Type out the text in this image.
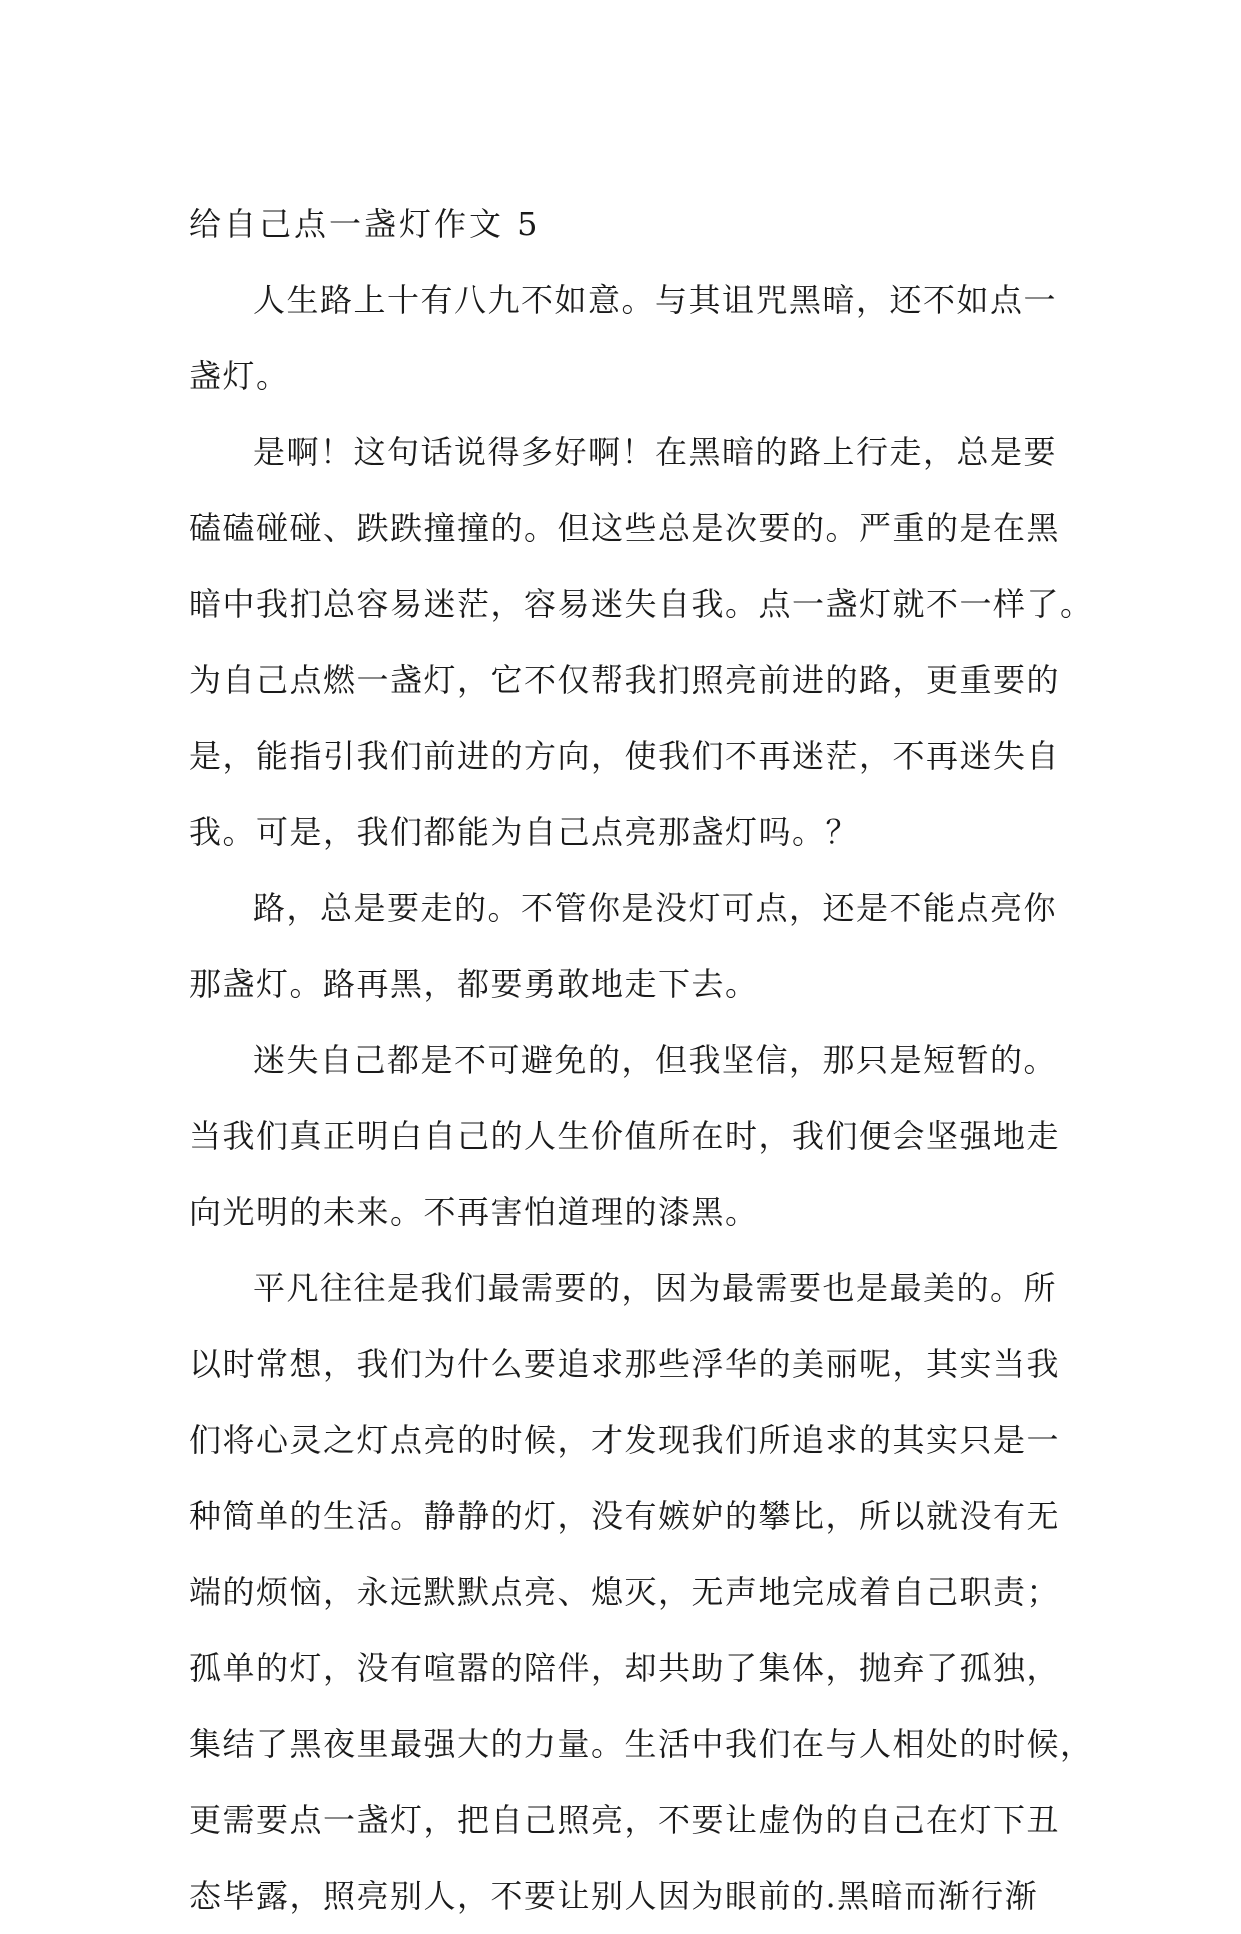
给自己点一盏灯作文 5
人生路上十有八九不如意。与其诅咒黑暗，还不如点一
盏灯。
是啊！这句话说得多好啊！在黑暗的路上行走，总是要
磕磕碰碰、跌跌撞撞的。但这些总是次要的。严重的是在黑
暗中我扪总容易迷茫，容易迷失自我。点一盏灯就不一样了。
为自己点燃一盏灯，它不仅帮我扪照亮前进的路，更重要的
是，能指引我们前进的方向，使我们不再迷茫，不再迷失自
我。可是，我们都能为自己点亮那盏灯吗。？
路，总是要走的。不管你是没灯可点，还是不能点亮你
那盏灯。路再黑，都要勇敢地走下去。
迷失自己都是不可避免的，但我坚信，那只是短暂的。
当我们真正明白自己的人生价值所在时，我们便会坚强地走
向光明的未来。不再害怕道理的漆黑。
平凡往往是我们最需要的，因为最需要也是最美的。所
以时常想，我们为什么要追求那些浮华的美丽呢，其实当我
们将心灵之灯点亮的时候，才发现我们所追求的其实只是一
种简单的生活。静静的灯，没有嫉妒的攀比，所以就没有无
端的烦恼，永远默默点亮、熄灭，无声地完成着自己职责；
孤单的灯，没有喧嚣的陪伴，却共助了集体，抛弃了孤独，
集结了黑夜里最强大的力量。生活中我们在与人相处的时候，
更需要点一盏灯，把自己照亮，不要让虚伪的自己在灯下丑
态毕露，照亮别人，不要让别人因为眼前的.黑暗而渐行渐
